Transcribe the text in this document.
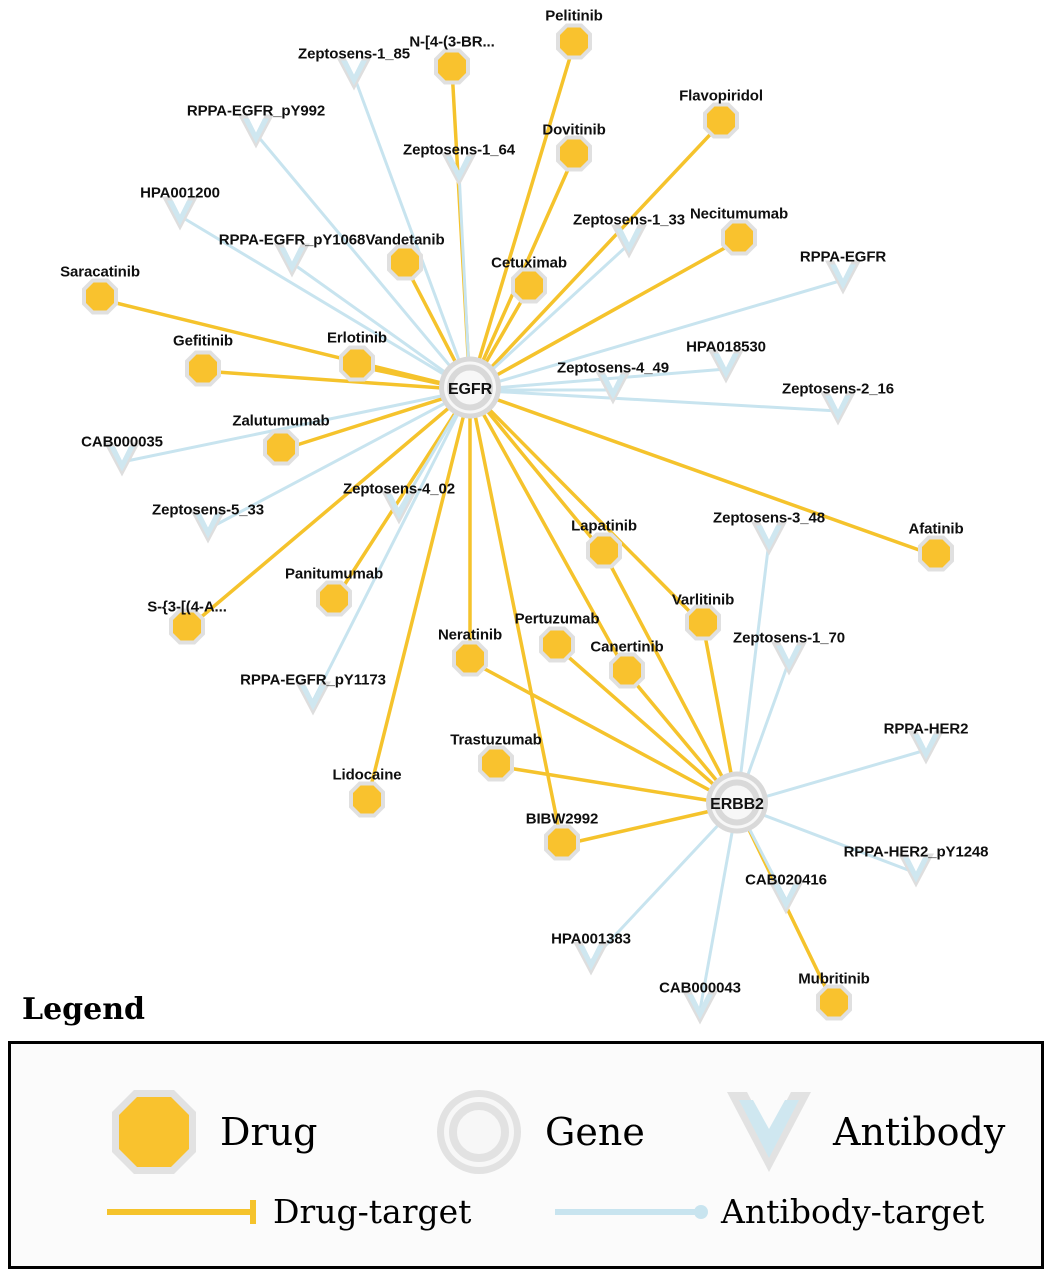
Pelitinib
N-[4-(3-BR...
Flavopiridol
Dovitinib
Necitumumab
Vandetanib
Cetuximab
Saracatinib
Gefitinib	Erlotinib
Zalutumumab
Afatinib
Lapatinib
Varlitinib
Panitumumab
S-{3-[(4-A...
Pertuzumab
Neratinib
Canertinib
Trastuzumab
Lidocaine
BIBW2992
Mubritinib
Zeptosens-1_85
RPPA-EGFR_pY992
Zeptosens-1_64
HPA001200
Zeptosens-1_33
RPPA-EGFR_pY1068
RPPA-EGFR
HPA018530
Zeptosens-4_49
Zeptosens-2_16
CAB000035
Zeptosens-4_02
Zeptosens-5_33	Zeptosens-3_48
Zeptosens-1_70
RPPA-EGFR_pY1173
RPPA-HER2
RPPA-HER2_pY1248
CAB020416
HPA001383
CAB000043
EGFR
ERBB2
Legend
Drug	Gene	Antibody
Drug-target	Antibody-target
